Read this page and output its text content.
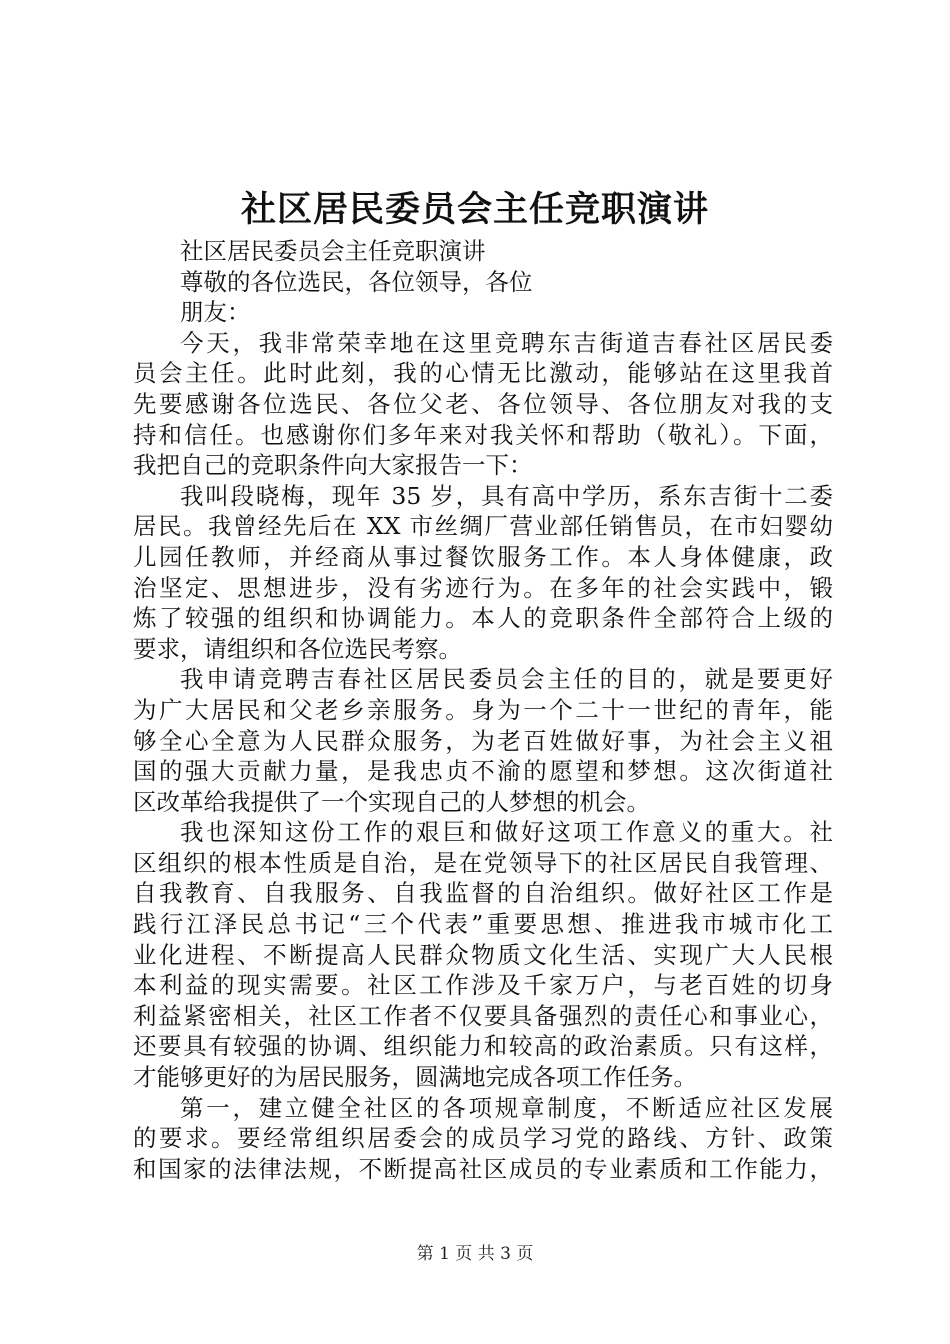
社区居民委员会主任竞职演讲
社区居民委员会主任竞职演讲
尊敬的各位选民，各位领导，各位
朋友：
今天，我非常荣幸地在这里竞聘东吉街道吉春社区居民委
员会主任。此时此刻，我的心情无比激动，能够站在这里我首
先要感谢各位选民、各位父老、各位领导、各位朋友对我的支
持和信任。也感谢你们多年来对我关怀和帮助（敬礼）。下面，
我把自己的竞职条件向大家报告一下：
我叫段晓梅，现年 35 岁，具有高中学历，系东吉街十二委
居民。我曾经先后在 XX 市丝绸厂营业部任销售员，在市妇婴幼
儿园任教师，并经商从事过餐饮服务工作。本人身体健康，政
治坚定、思想进步，没有劣迹行为。在多年的社会实践中，锻
炼了较强的组织和协调能力。本人的竞职条件全部符合上级的
要求，请组织和各位选民考察。
我申请竞聘吉春社区居民委员会主任的目的，就是要更好
为广大居民和父老乡亲服务。身为一个二十一世纪的青年，能
够全心全意为人民群众服务，为老百姓做好事，为社会主义祖
国的强大贡献力量，是我忠贞不渝的愿望和梦想。这次街道社
区改革给我提供了一个实现自己的人梦想的机会。
我也深知这份工作的艰巨和做好这项工作意义的重大。社
区组织的根本性质是自治，是在党领导下的社区居民自我管理、
自我教育、自我服务、自我监督的自治组织。做好社区工作是
践行江泽民总书记“三个代表”重要思想、推进我市城市化工
业化进程、不断提高人民群众物质文化生活、实现广大人民根
本利益的现实需要。社区工作涉及千家万户，与老百姓的切身
利益紧密相关，社区工作者不仅要具备强烈的责任心和事业心，
还要具有较强的协调、组织能力和较高的政治素质。只有这样，
才能够更好的为居民服务，圆满地完成各项工作任务。
第一，建立健全社区的各项规章制度，不断适应社区发展
的要求。要经常组织居委会的成员学习党的路线、方针、政策
和国家的法律法规，不断提高社区成员的专业素质和工作能力，
第 1 页 共 3 页
